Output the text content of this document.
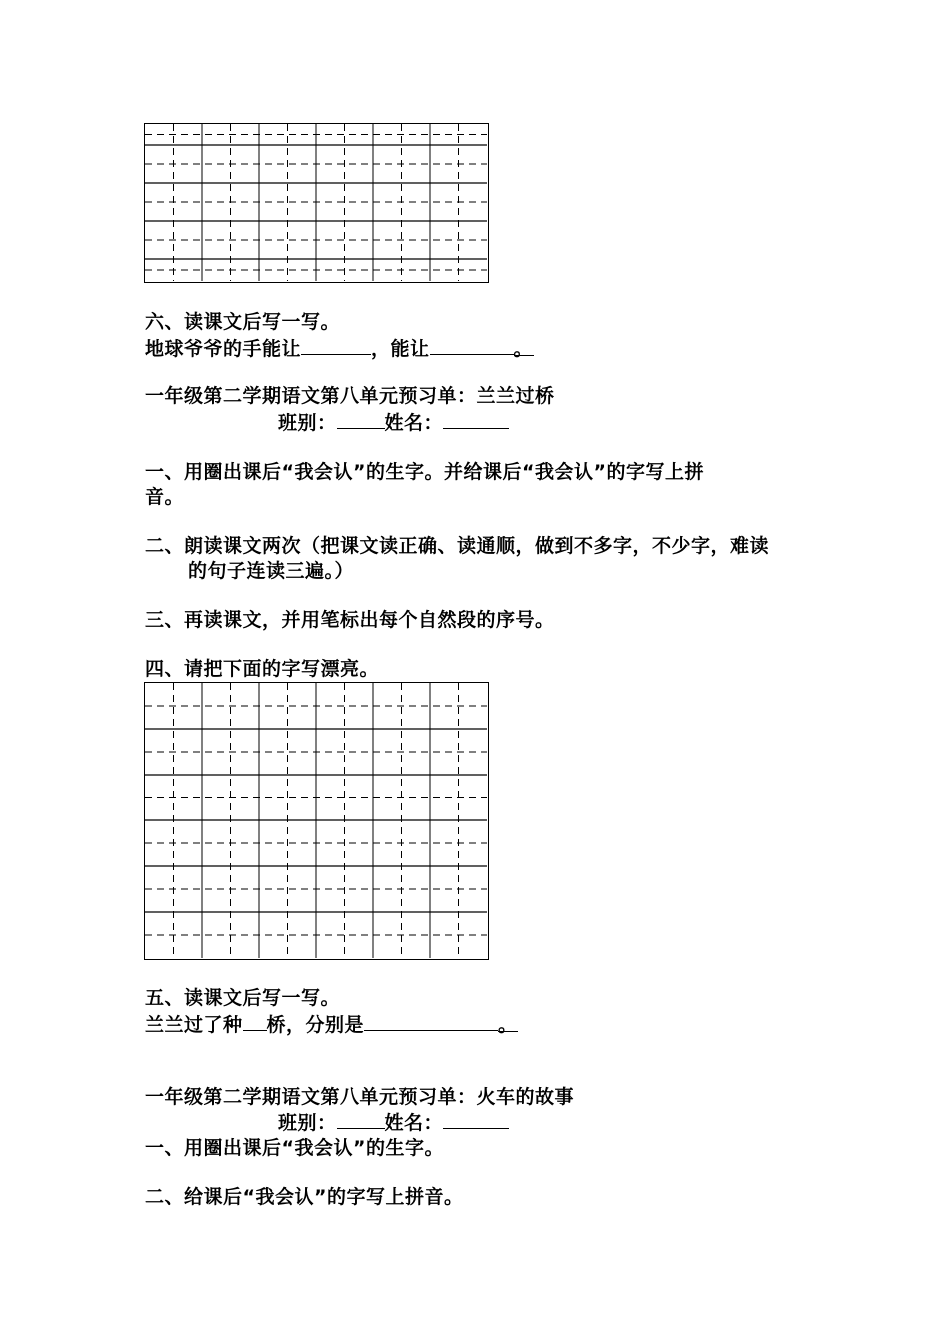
六、读课文后写一写。
地球爷爷的手能让	，能让	。
一年级第二学期语文第八单元预习单：兰兰过桥
班别：	姓名：
一、用圈出课后“我会认”的生字。并给课后“我会认”的字写上拼
音。
二、朗读课文两次（把课文读正确、读通顺，做到不多字，不少字，难读
的句子连读三遍。）
三、再读课文，并用笔标出每个自然段的序号。
四、请把下面的字写漂亮。
五、读课文后写一写。
兰兰过了种 桥，分别是	。
一年级第二学期语文第八单元预习单：火车的故事
班别：	姓名：
一、用圈出课后“我会认”的生字。
二、给课后“我会认”的字写上拼音。
